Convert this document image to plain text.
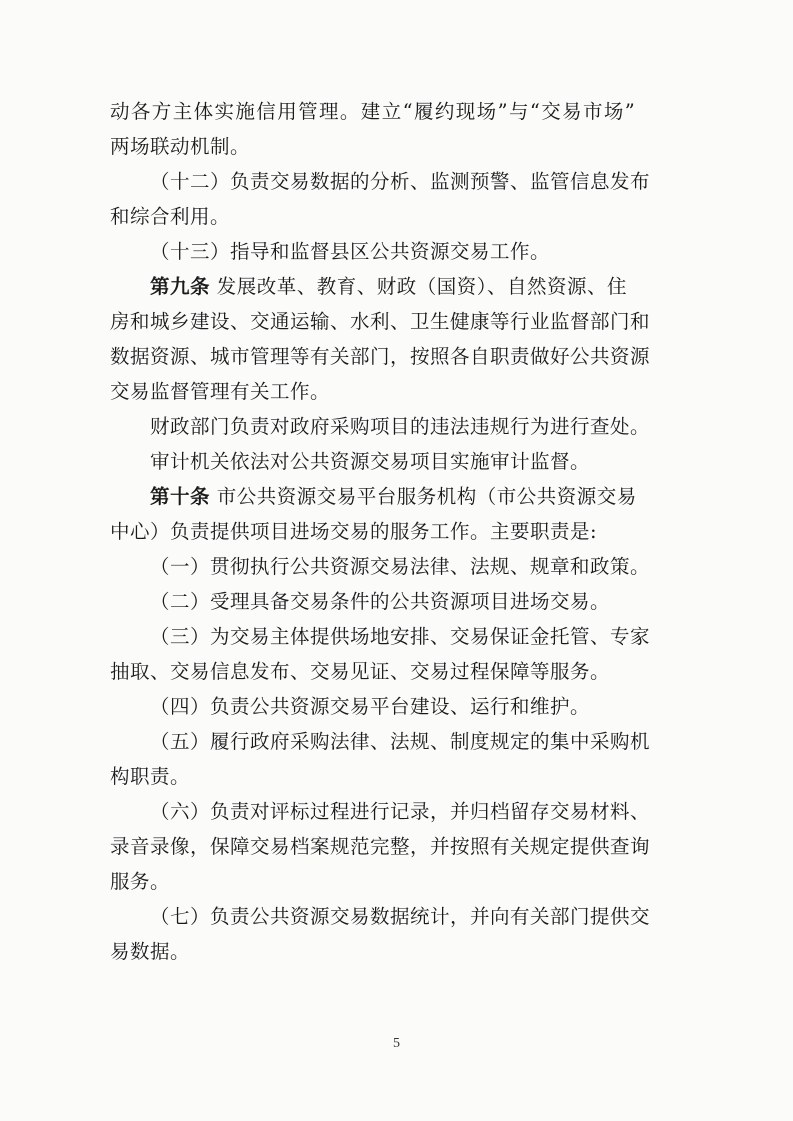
动各方主体实施信用管理。建立“履约现场”与“交易市场”
两场联动机制。
（十二）负责交易数据的分析、监测预警、监管信息发布
和综合利用。
（十三）指导和监督县区公共资源交易工作。
第九条 发展改革、教育、财政（国资）、自然资源、住
房和城乡建设、交通运输、水利、卫生健康等行业监督部门和
数据资源、城市管理等有关部门，按照各自职责做好公共资源
交易监督管理有关工作。
财政部门负责对政府采购项目的违法违规行为进行查处。
审计机关依法对公共资源交易项目实施审计监督。
第十条 市公共资源交易平台服务机构（市公共资源交易
中心）负责提供项目进场交易的服务工作。主要职责是:
（一）贯彻执行公共资源交易法律、法规、规章和政策。
（二）受理具备交易条件的公共资源项目进场交易。
（三）为交易主体提供场地安排、交易保证金托管、专家
抽取、交易信息发布、交易见证、交易过程保障等服务。
（四）负责公共资源交易平台建设、运行和维护。
（五）履行政府采购法律、法规、制度规定的集中采购机
构职责。
（六）负责对评标过程进行记录，并归档留存交易材料、
录音录像，保障交易档案规范完整，并按照有关规定提供查询
服务。
（七）负责公共资源交易数据统计，并向有关部门提供交
易数据。
5
